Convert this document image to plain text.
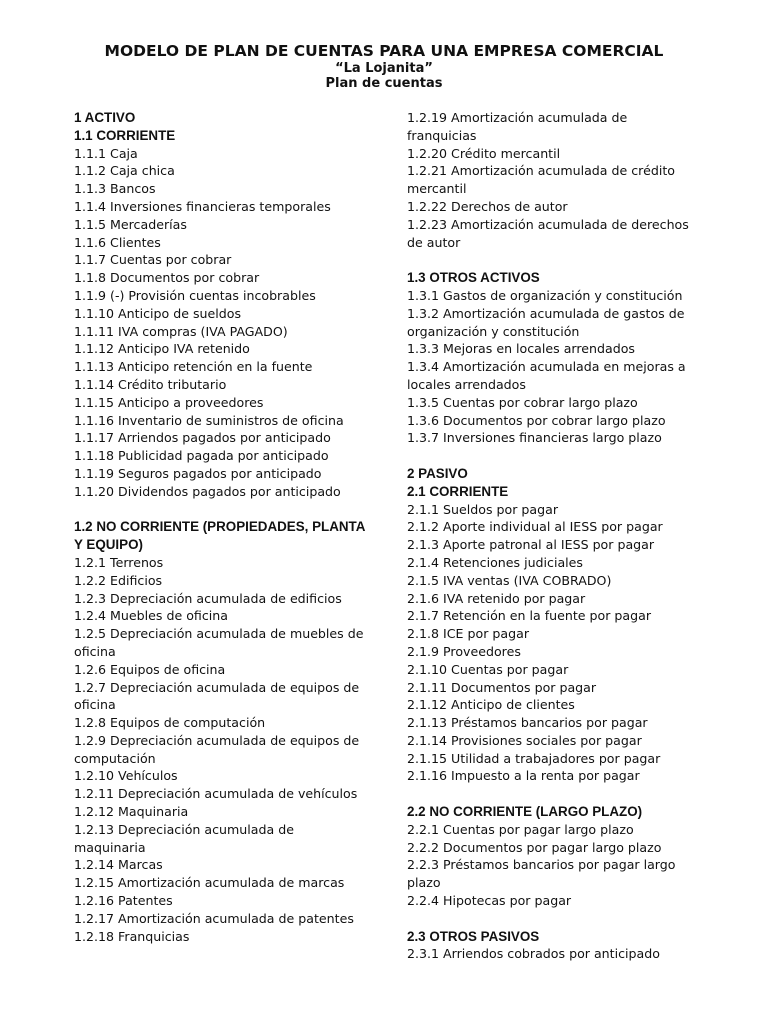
MODELO DE PLAN DE CUENTAS PARA UNA EMPRESA COMERCIAL
“La Lojanita”
Plan de cuentas
1 ACTIVO
1.1 CORRIENTE
1.1.1 Caja
1.1.2 Caja chica
1.1.3 Bancos
1.1.4 Inversiones financieras temporales
1.1.5 Mercaderías
1.1.6 Clientes
1.1.7 Cuentas por cobrar
1.1.8 Documentos por cobrar
1.1.9 (-) Provisión cuentas incobrables
1.1.10 Anticipo de sueldos
1.1.11 IVA compras (IVA PAGADO)
1.1.12 Anticipo IVA retenido
1.1.13 Anticipo retención en la fuente
1.1.14 Crédito tributario
1.1.15 Anticipo a proveedores
1.1.16 Inventario de suministros de oficina
1.1.17 Arriendos pagados por anticipado
1.1.18 Publicidad pagada por anticipado
1.1.19 Seguros pagados por anticipado
1.1.20 Dividendos pagados por anticipado
1.2 NO CORRIENTE (PROPIEDADES, PLANTA Y EQUIPO)
1.2.1 Terrenos
1.2.2 Edificios
1.2.3 Depreciación acumulada de edificios
1.2.4 Muebles de oficina
1.2.5 Depreciación acumulada de muebles de oficina
1.2.6 Equipos de oficina
1.2.7 Depreciación acumulada de equipos de oficina
1.2.8 Equipos de computación
1.2.9 Depreciación acumulada de equipos de computación
1.2.10 Vehículos
1.2.11 Depreciación acumulada de vehículos
1.2.12 Maquinaria
1.2.13 Depreciación acumulada de maquinaria
1.2.14 Marcas
1.2.15 Amortización acumulada de marcas
1.2.16 Patentes
1.2.17 Amortización acumulada de patentes
1.2.18 Franquicias
1.2.19 Amortización acumulada de franquicias
1.2.20 Crédito mercantil
1.2.21 Amortización acumulada de crédito mercantil
1.2.22 Derechos de autor
1.2.23 Amortización acumulada de derechos de autor
1.3 OTROS ACTIVOS
1.3.1 Gastos de organización y constitución
1.3.2 Amortización acumulada de gastos de organización y constitución
1.3.3 Mejoras en locales arrendados
1.3.4 Amortización acumulada en mejoras a locales arrendados
1.3.5 Cuentas por cobrar largo plazo
1.3.6 Documentos por cobrar largo plazo
1.3.7 Inversiones financieras largo plazo
2 PASIVO
2.1 CORRIENTE
2.1.1 Sueldos por pagar
2.1.2 Aporte individual al IESS por pagar
2.1.3 Aporte patronal al IESS por pagar
2.1.4 Retenciones judiciales
2.1.5 IVA ventas (IVA COBRADO)
2.1.6 IVA retenido por pagar
2.1.7 Retención en la fuente por pagar
2.1.8 ICE por pagar
2.1.9 Proveedores
2.1.10 Cuentas por pagar
2.1.11 Documentos por pagar
2.1.12 Anticipo de clientes
2.1.13 Préstamos bancarios por pagar
2.1.14 Provisiones sociales por pagar
2.1.15 Utilidad a trabajadores por pagar
2.1.16 Impuesto a la renta por pagar
2.2 NO CORRIENTE (LARGO PLAZO)
2.2.1 Cuentas por pagar largo plazo
2.2.2 Documentos por pagar largo plazo
2.2.3 Préstamos bancarios por pagar largo plazo
2.2.4 Hipotecas por pagar
2.3 OTROS PASIVOS
2.3.1 Arriendos cobrados por anticipado
